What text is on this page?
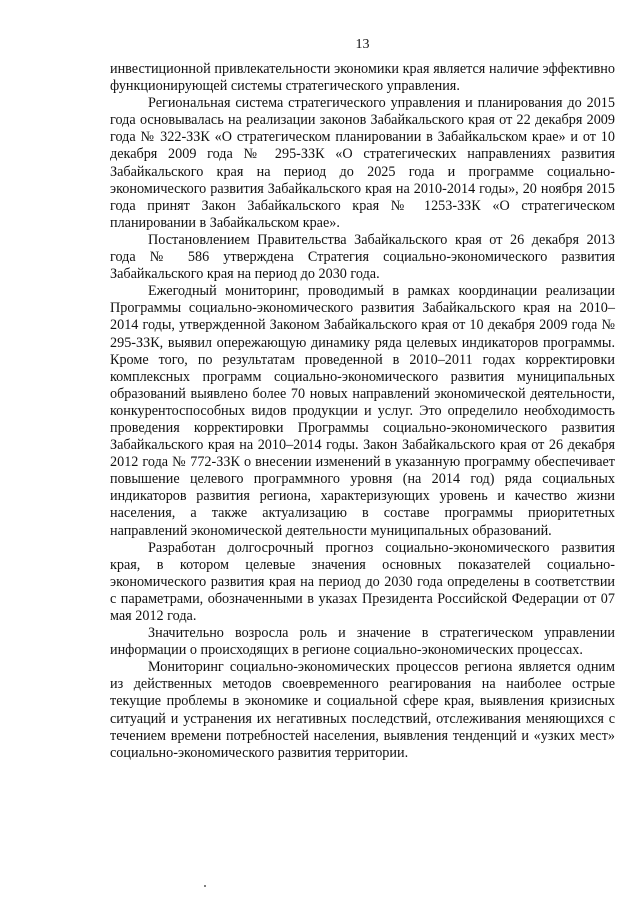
13

инвестиционной привлекательности экономики края является наличие эффективно функционирующей системы стратегического управления.

Региональная система стратегического управления и планирования до 2015 года основывалась на реализации законов Забайкальского края от 22 декабря 2009 года № 322-ЗЗК «О стратегическом планировании в Забайкальском крае» и от 10 декабря 2009 года № 295-ЗЗК «О стратегических направлениях развития Забайкальского края на период до 2025 года и программе социально-экономического развития Забайкальского края на 2010-2014 годы», 20 ноября 2015 года принят Закон Забайкальского края № 1253-ЗЗК «О стратегическом планировании в Забайкальском крае».

Постановлением Правительства Забайкальского края от 26 декабря 2013 года № 586 утверждена Стратегия социально-экономического развития Забайкальского края на период до 2030 года.

Ежегодный мониторинг, проводимый в рамках координации реализации Программы социально-экономического развития Забайкальского края на 2010–2014 годы, утвержденной Законом Забайкальского края от 10 декабря 2009 года № 295-ЗЗК, выявил опережающую динамику ряда целевых индикаторов программы. Кроме того, по результатам проведенной в 2010–2011 годах корректировки комплексных программ социально-экономического развития муниципальных образований выявлено более 70 новых направлений экономической деятельности, конкурентоспособных видов продукции и услуг. Это определило необходимость проведения корректировки Программы социально-экономического развития Забайкальского края на 2010–2014 годы. Закон Забайкальского края от 26 декабря 2012 года № 772-ЗЗК о внесении изменений в указанную программу обеспечивает повышение целевого программного уровня (на 2014 год) ряда социальных индикаторов развития региона, характеризующих уровень и качество жизни населения, а также актуализацию в составе программы приоритетных направлений экономической деятельности муниципальных образований.

Разработан долгосрочный прогноз социально-экономического развития края, в котором целевые значения основных показателей социально-экономического развития края на период до 2030 года определены в соответствии с параметрами, обозначенными в указах Президента Российской Федерации от 07 мая 2012 года.

Значительно возросла роль и значение в стратегическом управлении информации о происходящих в регионе социально-экономических процессах.

Мониторинг социально-экономических процессов региона является одним из действенных методов своевременного реагирования на наиболее острые текущие проблемы в экономике и социальной сфере края, выявления кризисных ситуаций и устранения их негативных последствий, отслеживания меняющихся с течением времени потребностей населения, выявления тенденций и «узких мест» социально-экономического развития территории.
